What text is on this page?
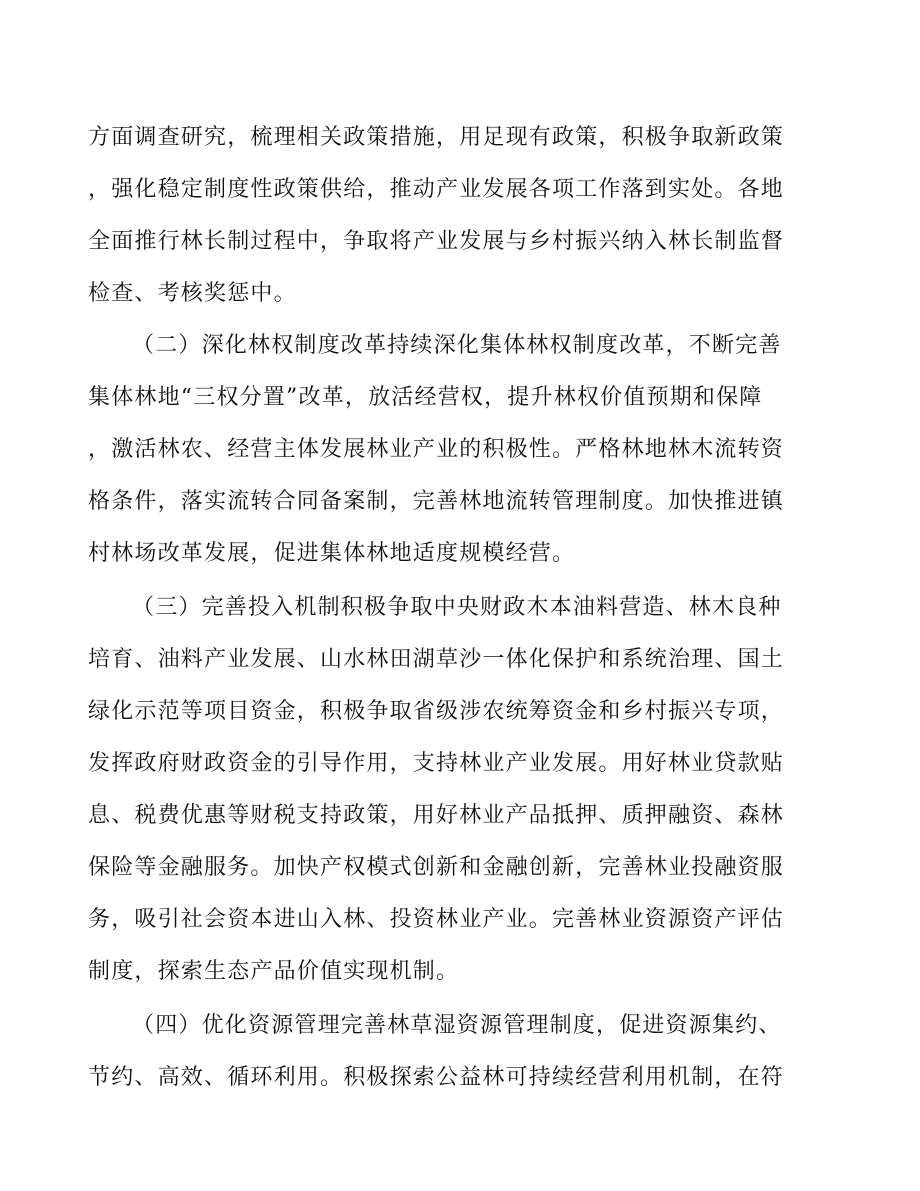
方面调查研究，梳理相关政策措施，用足现有政策，积极争取新政策
，强化稳定制度性政策供给，推动产业发展各项工作落到实处。各地
全面推行林长制过程中，争取将产业发展与乡村振兴纳入林长制监督
检查、考核奖惩中。
（二）深化林权制度改革持续深化集体林权制度改革，不断完善
集体林地“三权分置”改革，放活经营权，提升林权价值预期和保障
，激活林农、经营主体发展林业产业的积极性。严格林地林木流转资
格条件，落实流转合同备案制，完善林地流转管理制度。加快推进镇
村林场改革发展，促进集体林地适度规模经营。
（三）完善投入机制积极争取中央财政木本油料营造、林木良种
培育、油料产业发展、山水林田湖草沙一体化保护和系统治理、国土
绿化示范等项目资金，积极争取省级涉农统筹资金和乡村振兴专项，
发挥政府财政资金的引导作用，支持林业产业发展。用好林业贷款贴
息、税费优惠等财税支持政策，用好林业产品抵押、质押融资、森林
保险等金融服务。加快产权模式创新和金融创新，完善林业投融资服
务，吸引社会资本进山入林、投资林业产业。完善林业资源资产评估
制度，探索生态产品价值实现机制。
（四）优化资源管理完善林草湿资源管理制度，促进资源集约、
节约、高效、循环利用。积极探索公益林可持续经营利用机制，在符
